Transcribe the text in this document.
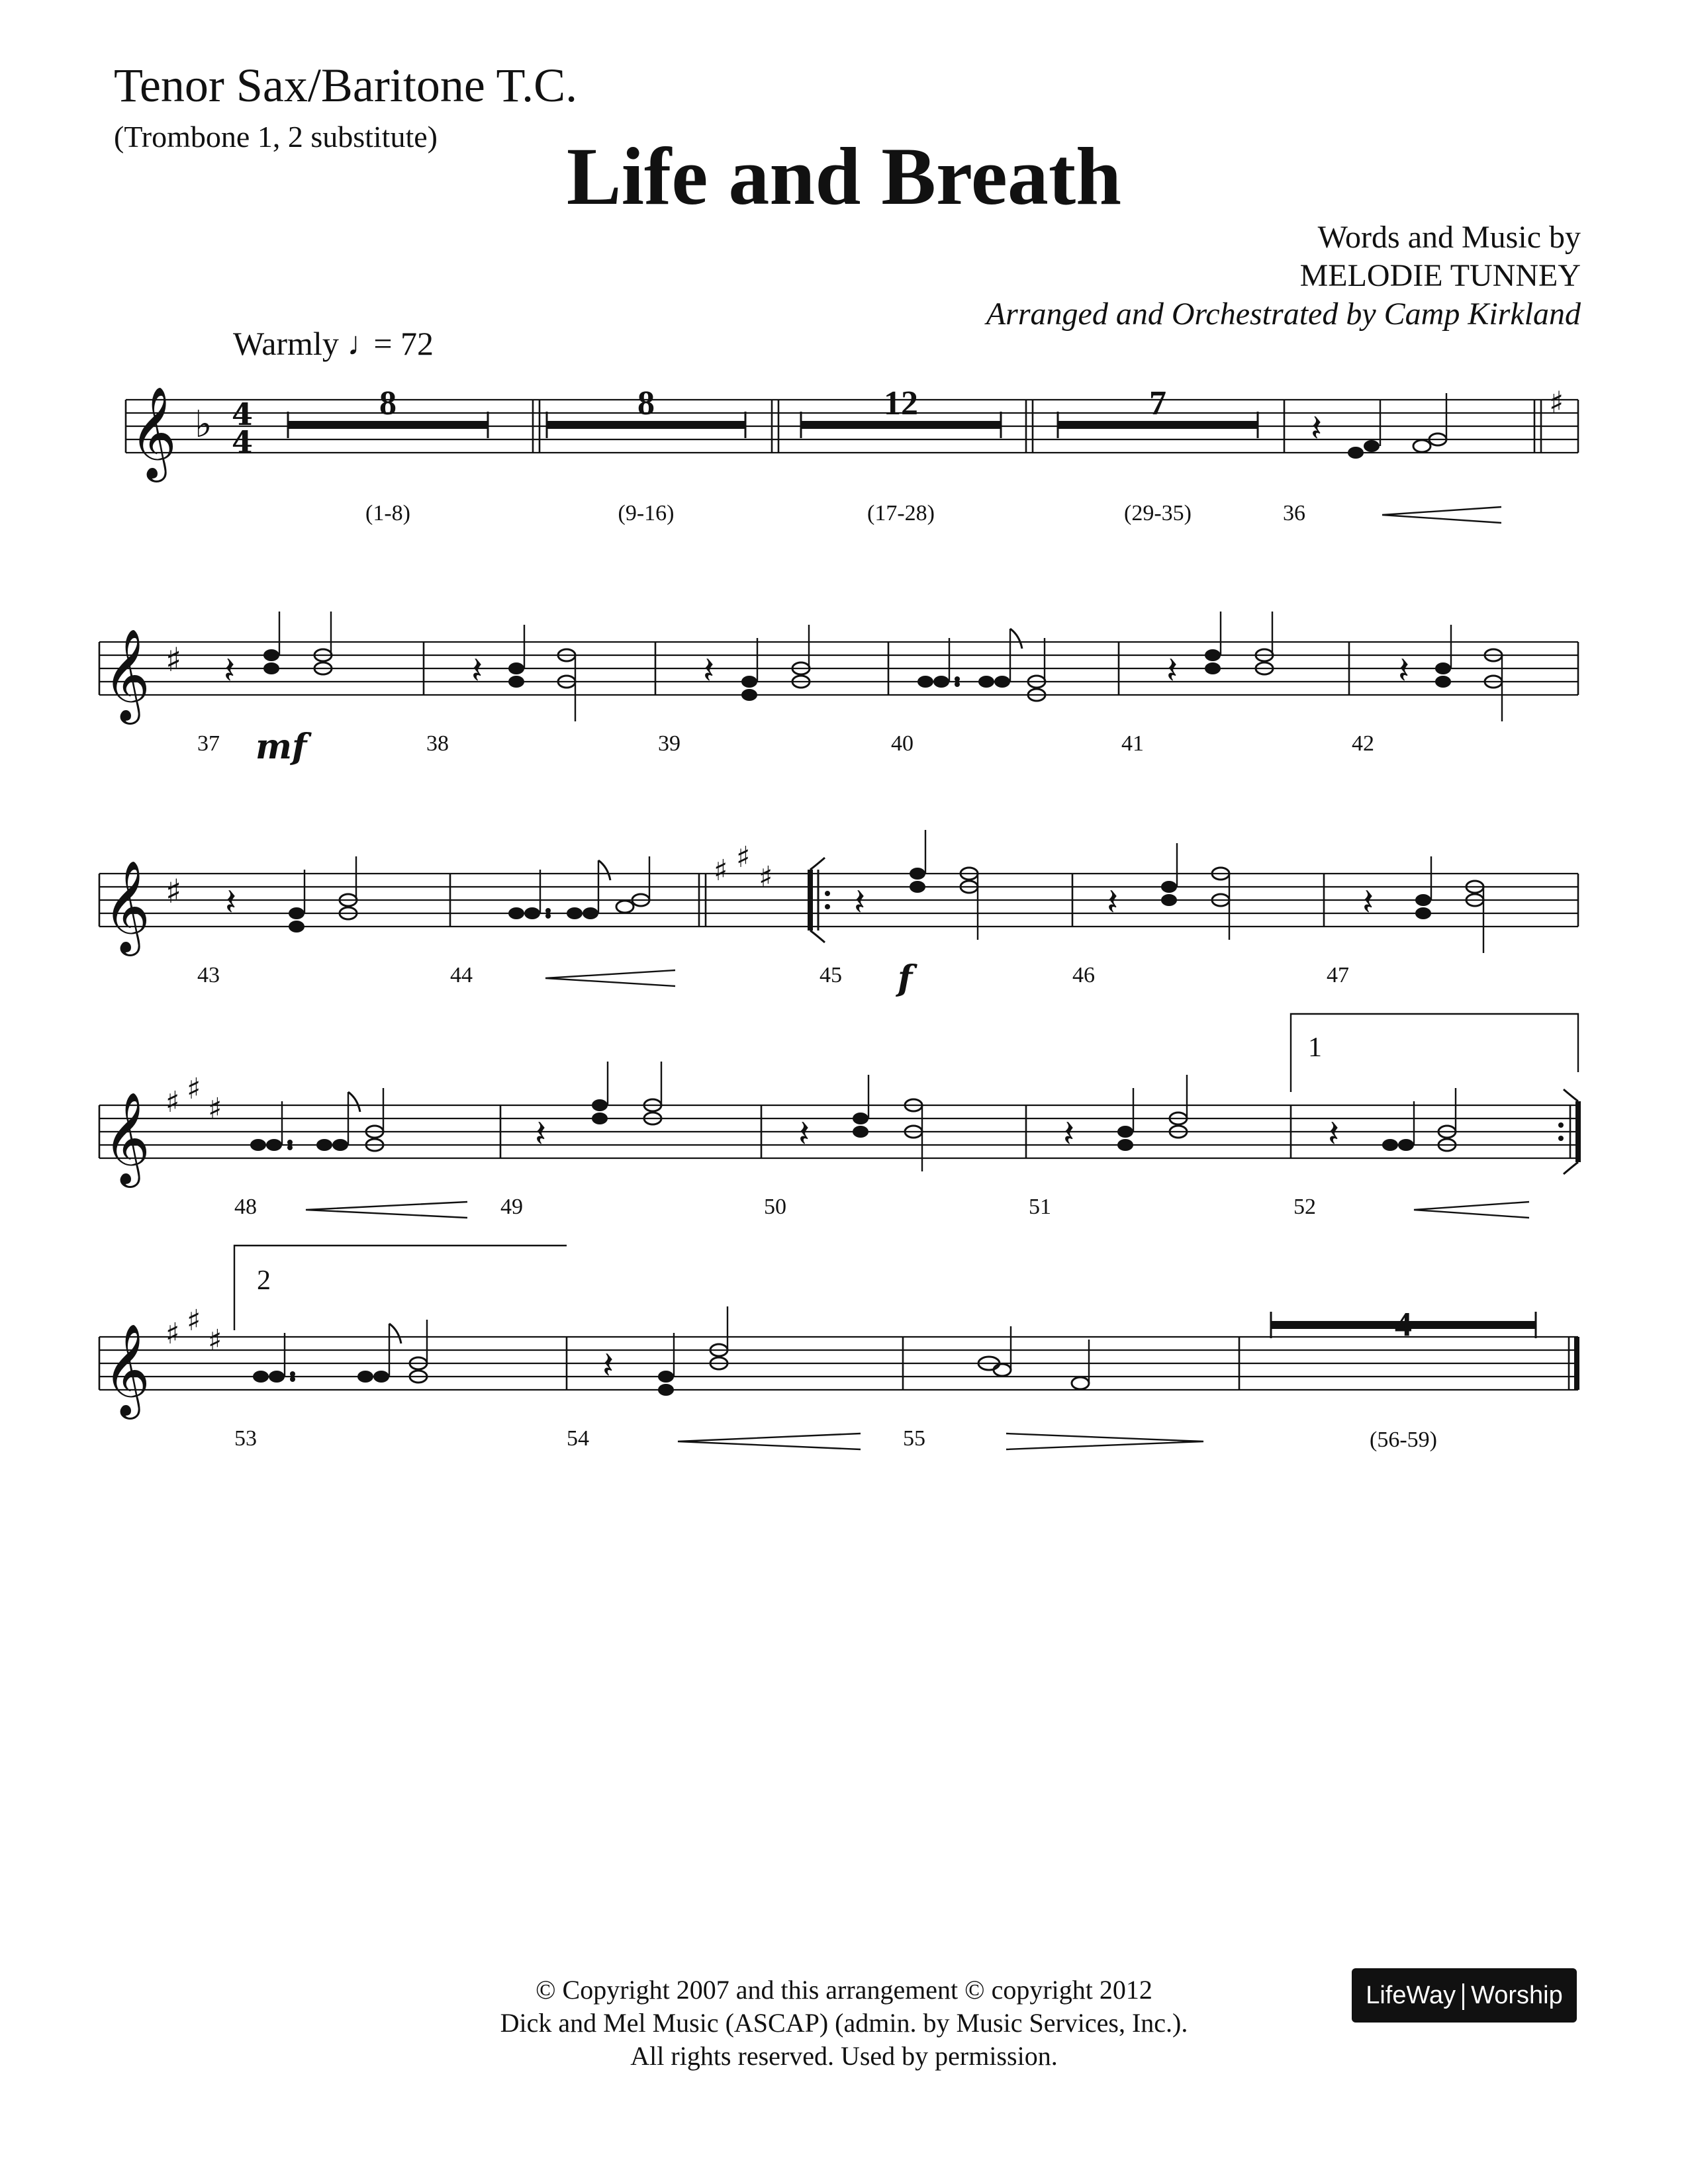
Tenor Sax/Baritone T.C.
(Trombone 1, 2 substitute)	Life and Breath
Words and Music by
MELODIE TUNNEY
Arranged and Orchestrated by Camp Kirkland
Warmly ♩= 72
𝄞 ♭
𝄞 ♯
𝄞 ♯
𝄞
𝄞
♯
♯ ♯
♯
♯ ♯
♯
♯ ♯
♯
4
4	𝄽
𝄽	𝄽	𝄽	𝄽	𝄽
𝄽	𝄽	𝄽	𝄽
𝄽	𝄽	𝄽	𝄽
𝄽
8	8	12	7
4
(1-8)	(9-16)	(17-28)	(29-35)
(56-59)
36
37	38	39	40	41	42
43	44	45	46	47
48	49	50	51	52
53	54	55
mf
f
1
2
© Copyright 2007 and this arrangement © copyright 2012
Dick and Mel Music (ASCAP) (admin. by Music Services, Inc.).
All rights reserved. Used by permission.
LifeWay Worship
